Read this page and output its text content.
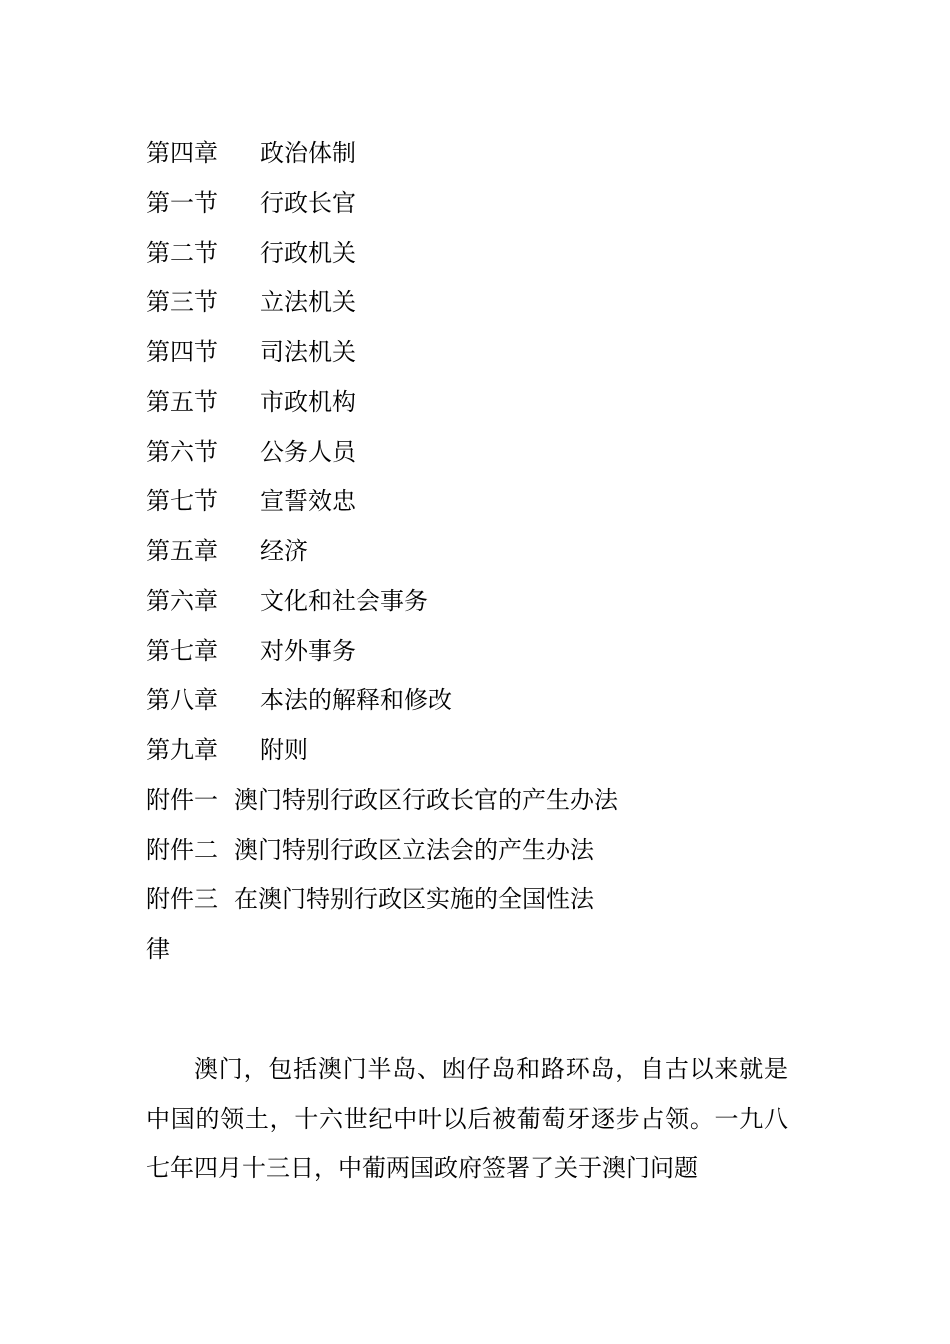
第四章 政治体制
第一节 行政长官
第二节 行政机关
第三节 立法机关
第四节 司法机关
第五节 市政机构
第六节 公务人员
第七节 宣誓效忠
第五章 经济
第六章 文化和社会事务
第七章 对外事务
第八章 本法的解释和修改
第九章 附则
附件一 澳门特别行政区行政长官的产生办法
附件二 澳门特别行政区立法会的产生办法
附件三 在澳门特别行政区实施的全国性法
律

澳门，包括澳门半岛、凼仔岛和路环岛，自古以来就是中国的领土，十六世纪中叶以后被葡萄牙逐步占领。一九八七年四月十三日，中葡两国政府签署了关于澳门问题
